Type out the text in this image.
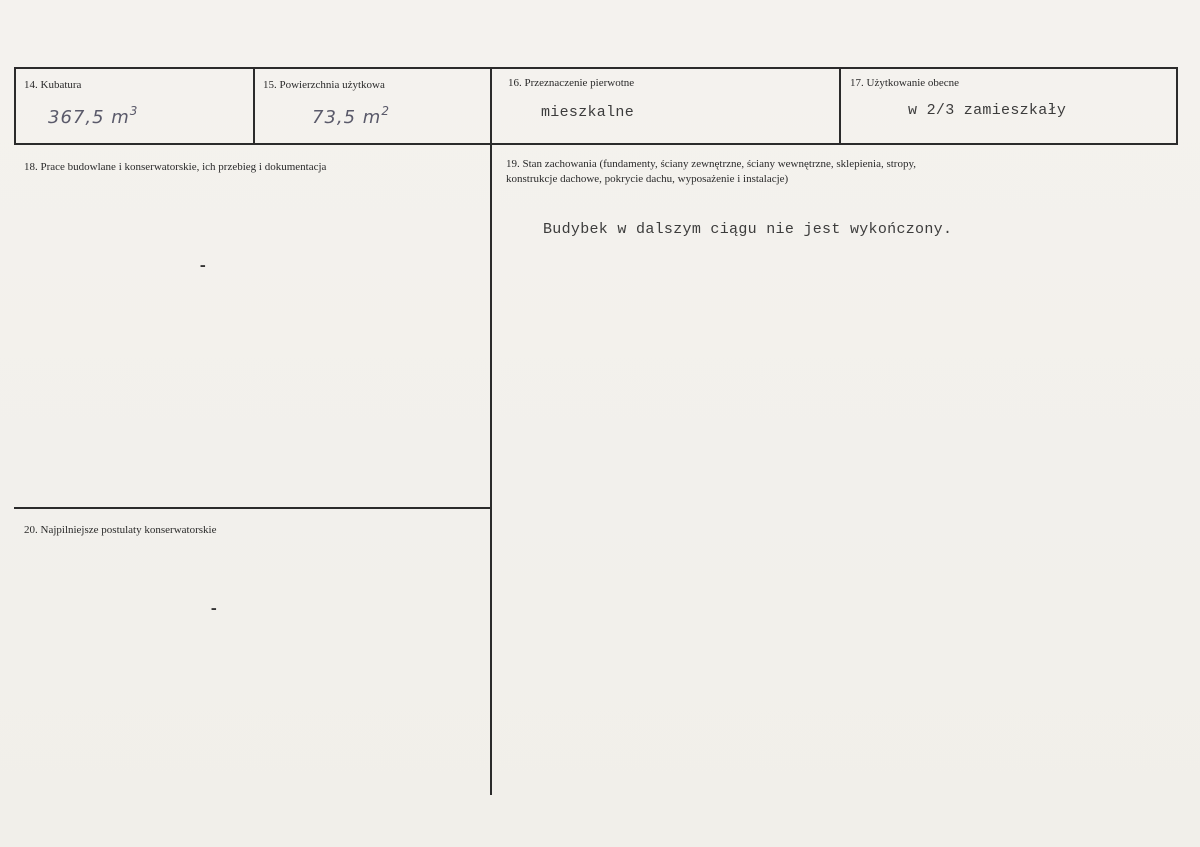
14. Kubatura
367,5 $m^3$
15. Powierzchnia użytkowa
73,5 $m^2$
16. Przeznaczenie pierwotne
mieszkalne
17. Użytkowanie obecne
w 2/3 zamieszkały
18. Prace budowlane i konserwatorskie, ich przebieg i dokumentacja
-
19. Stan zachowania (fundamenty, ściany zewnętrzne, ściany wewnętrzne, sklepienia, stropy,
konstrukcje dachowe, pokrycie dachu, wyposażenie i instalacje)
Budybek w dalszym ciągu nie jest wykończony.
20. Najpilniejsze postulaty konserwatorskie
-
